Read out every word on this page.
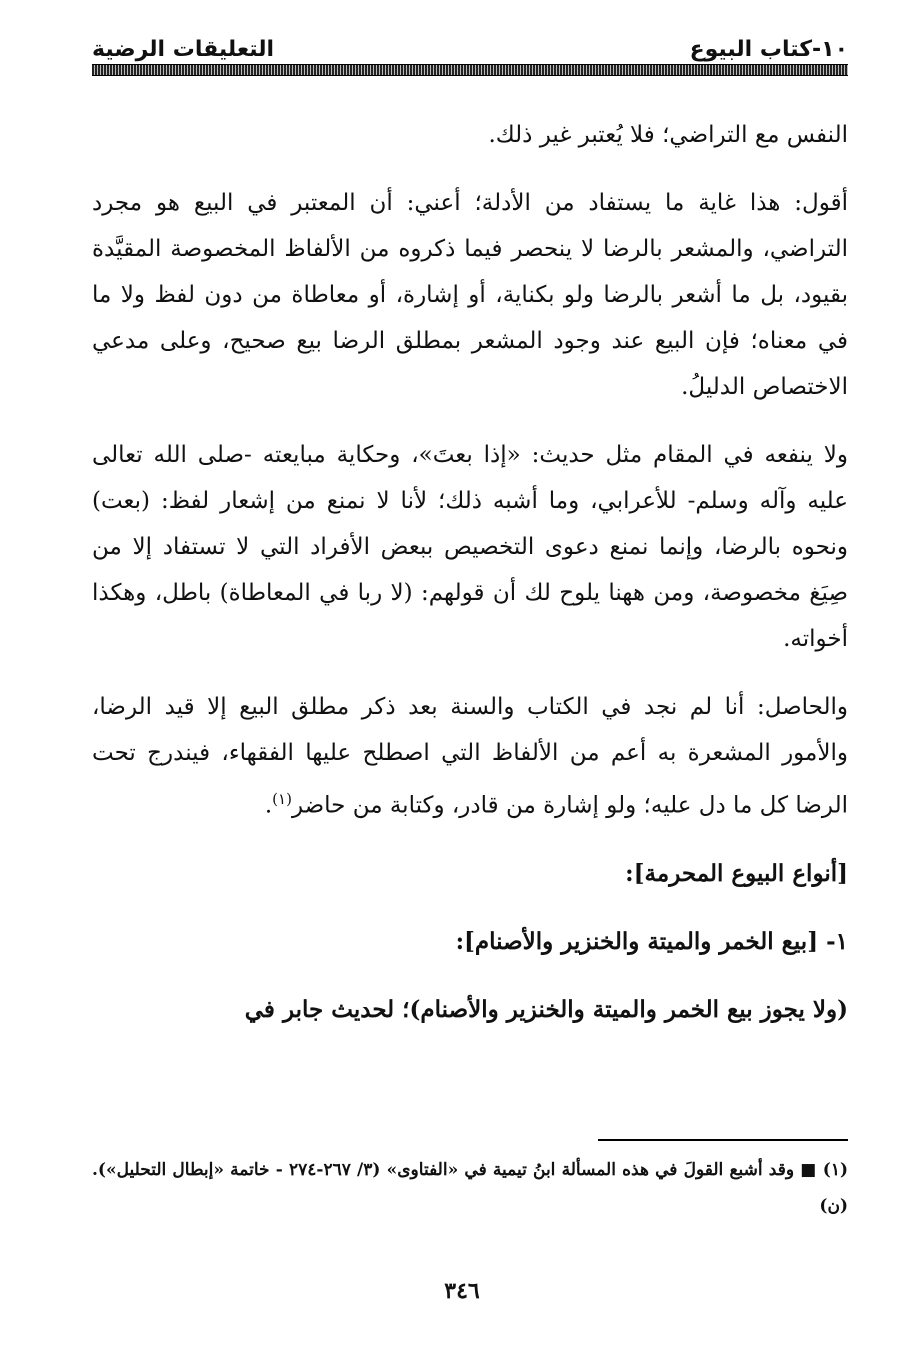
١٠-كتاب البيوع
التعليقات الرضية

النفس مع التراضي؛ فلا يُعتبر غير ذلك.

أقول: هذا غاية ما يستفاد من الأدلة؛ أعني: أن المعتبر في البيع هو مجرد التراضي، والمشعر بالرضا لا ينحصر فيما ذكروه من الألفاظ المخصوصة المقيَّدة بقيود، بل ما أشعر بالرضا ولو بكناية، أو إشارة، أو معاطاة من دون لفظ ولا ما في معناه؛ فإن البيع عند وجود المشعر بمطلق الرضا بيع صحيح، وعلى مدعي الاختصاص الدليلُ.

ولا ينفعه في المقام مثل حديث: «إذا بعتَ»، وحكاية مبايعته -صلى الله تعالى عليه وآله وسلم- للأعرابي، وما أشبه ذلك؛ لأنا لا نمنع من إشعار لفظ: (بعت) ونحوه بالرضا، وإنما نمنع دعوى التخصيص ببعض الأفراد التي لا تستفاد إلا من صِيَغ مخصوصة، ومن ههنا يلوح لك أن قولهم: (لا ربا في المعاطاة) باطل، وهكذا أخواته.

والحاصل: أنا لم نجد في الكتاب والسنة بعد ذكر مطلق البيع إلا قيد الرضا، والأمور المشعرة به أعم من الألفاظ التي اصطلح عليها الفقهاء، فيندرج تحت الرضا كل ما دل عليه؛ ولو إشارة من قادر، وكتابة من حاضر$^{(١)}$.

[أنواع البيوع المحرمة]:

١- [بيع الخمر والميتة والخنزير والأصنام]:

(ولا يجوز بيع الخمر والميتة والخنزير والأصنام)؛ لحديث جابر في

(١) ■ وقد أشبع القولَ في هذه المسألة ابنُ تيمية في «الفتاوى» (٣/ ٢٦٧-٢٧٤ - خاتمة «إبطال التحليل»). (ن)
٣٤٦
